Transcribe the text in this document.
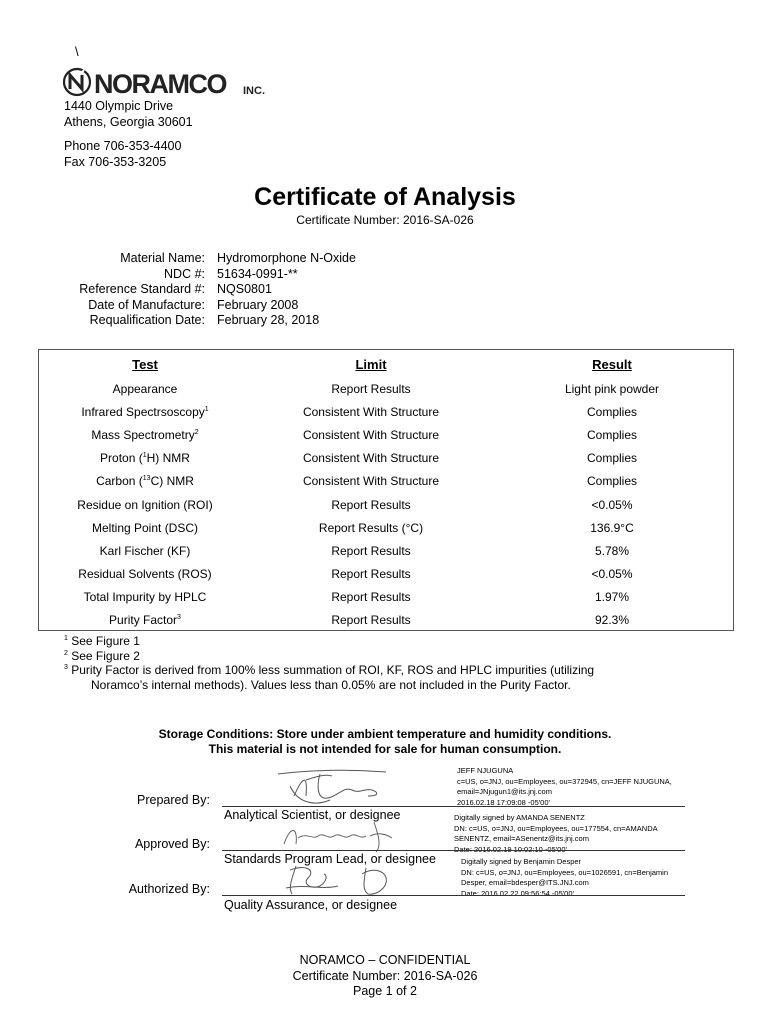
\
NORAMCO INC.
1440 Olympic Drive
Athens, Georgia 30601
Phone 706-353-4400
Fax 706-353-3205
Certificate of Analysis
Certificate Number: 2016-SA-026
Material Name: Hydromorphone N-Oxide
NDC #: 51634-0991-**
Reference Standard #: NQS0801
Date of Manufacture: February 2008
Requalification Date: February 28, 2018
Test	Limit	Result
Appearance	Report Results	Light pink powder
Infrared Spectrsoscopy$^1$	Consistent With Structure	Complies
Mass Spectrometry$^2$	Consistent With Structure	Complies
Proton ($^1$H) NMR	Consistent With Structure	Complies
Carbon ($^{13}$C) NMR	Consistent With Structure	Complies
Residue on Ignition (ROI)	Report Results	<0.05%
Melting Point (DSC)	Report Results (°C)	136.9°C
Karl Fischer (KF)	Report Results	5.78%
Residual Solvents (ROS)	Report Results	<0.05%
Total Impurity by HPLC	Report Results	1.97%
Purity Factor$^3$	Report Results	92.3%
$^1$ See Figure 1
$^2$ See Figure 2
$^3$ Purity Factor is derived from 100% less summation of ROI, KF, ROS and HPLC impurities (utilizing
Noramco’s internal methods). Values less than 0.05% are not included in the Purity Factor.
Storage Conditions: Store under ambient temperature and humidity conditions.
This material is not intended for sale for human consumption.
Prepared By:
JEFF NJUGUNA
c=US, o=JNJ, ou=Employees, ou=372945, cn=JEFF NJUGUNA,
email=JNjugun1@its.jnj.com
2016.02.18 17:09:08 -05'00'
Analytical Scientist, or designee
Approved By:
Digitally signed by AMANDA SENENTZ
DN: c=US, o=JNJ, ou=Employees, ou=177554, cn=AMANDA
SENENTZ, email=ASenentz@its.jnj.com
Date: 2016.02.19 10:02:10 -05'00'
Standards Program Lead, or designee
Authorized By:
Digitally signed by Benjamin Desper
DN: c=US, o=JNJ, ou=Employees, ou=1026591, cn=Benjamin
Desper, email=bdesper@ITS.JNJ.com
Date: 2016.02.22 09:56:54 -05'00'
Quality Assurance, or designee
NORAMCO – CONFIDENTIAL
Certificate Number: 2016-SA-026
Page 1 of 2
